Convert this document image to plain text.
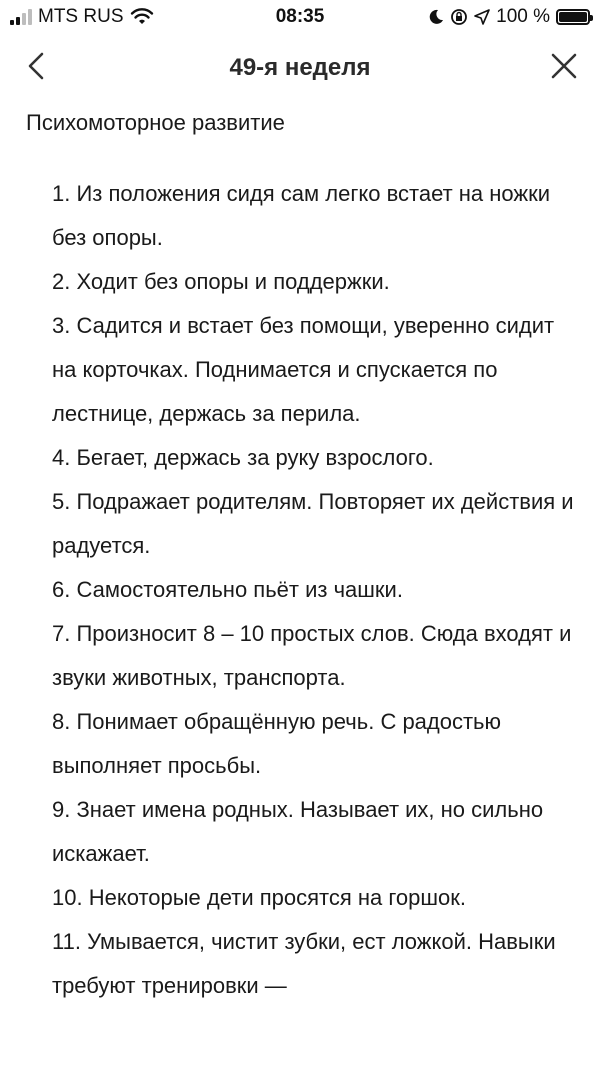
MTS RUS	08:35	100 %
49-я неделя
Психомоторное развитие
1. Из положения сидя сам легко встает на ножки без опоры.
2. Ходит без опоры и поддержки.
3. Садится и встает без помощи, уверенно сидит на корточках. Поднимается и спускается по лестнице, держась за перила.
4. Бегает, держась за руку взрослого.
5. Подражает родителям. Повторяет их действия и радуется.
6. Самостоятельно пьёт из чашки.
7. Произносит 8 – 10 простых слов. Сюда входят и звуки животных, транспорта.
8. Понимает обращённую речь. С радостью выполняет просьбы.
9. Знает имена родных. Называет их, но сильно искажает.
10. Некоторые дети просятся на горшок.
11. Умывается, чистит зубки, ест ложкой. Навыки требуют тренировки —
